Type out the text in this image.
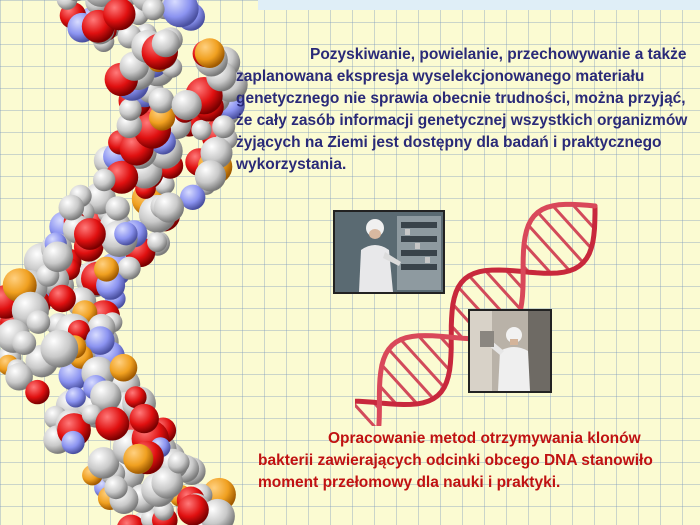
Pozyskiwanie, powielanie, przechowywanie a także zaplanowana ekspresja wyselekcjonowanego materiału genetycznego nie sprawia obecnie trudności, można przyjąć, że cały zasób informacji genetycznej wszystkich organizmów żyjących na Ziemi jest dostępny dla badań i praktycznego wykorzystania.

Opracowanie metod otrzymywania klonów bakterii zawierających odcinki obcego DNA stanowiło moment przełomowy dla nauki i praktyki.
